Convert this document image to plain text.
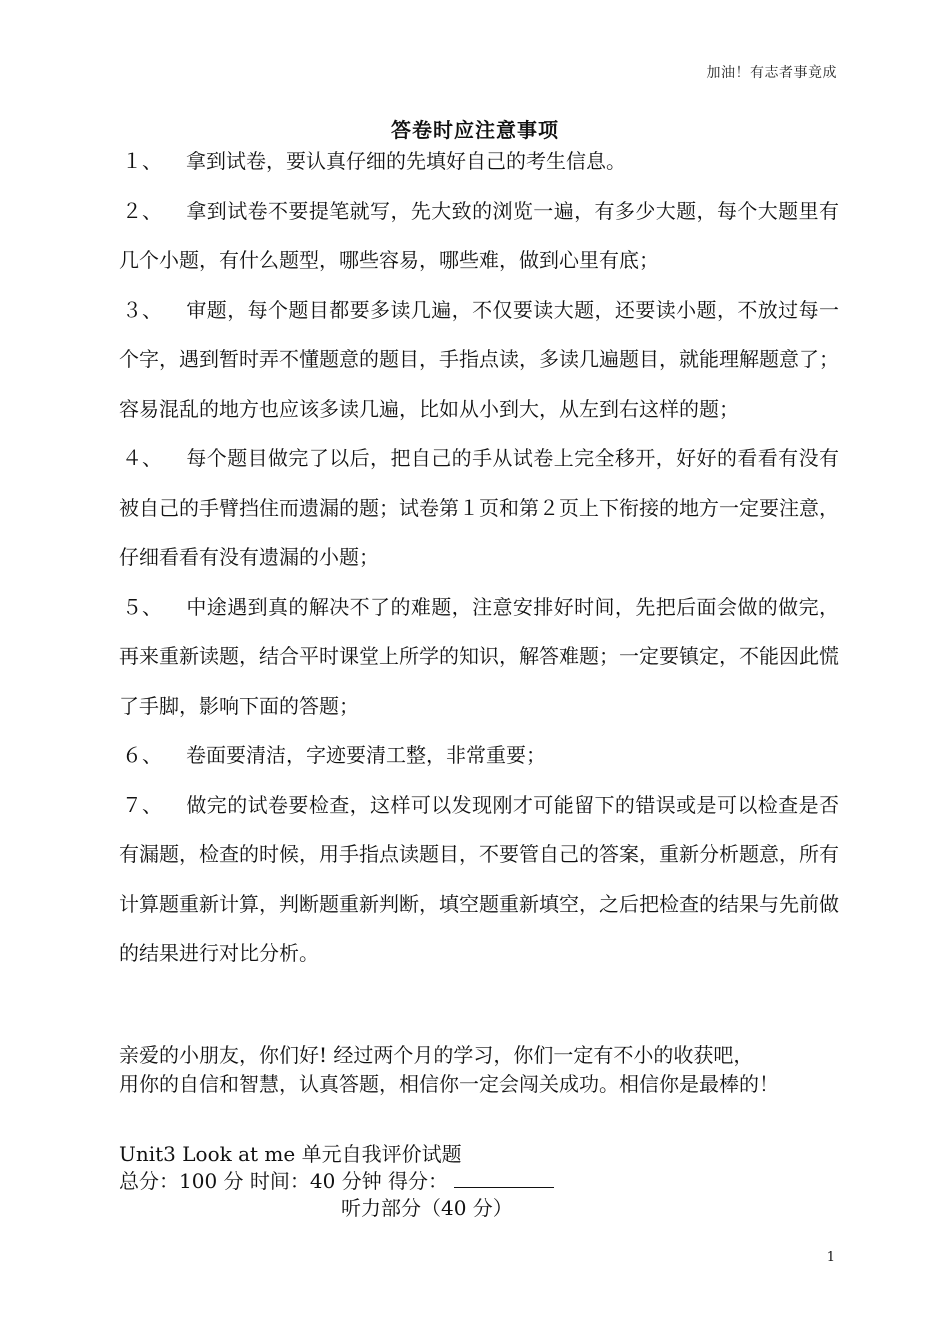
加油！有志者事竟成
答卷时应注意事项

１、 拿到试卷，要认真仔细的先填好自己的考生信息。

２、 拿到试卷不要提笔就写，先大致的浏览一遍，有多少大题，每个大题里有几个小题，有什么题型，哪些容易，哪些难，做到心里有底；

３、 审题，每个题目都要多读几遍，不仅要读大题，还要读小题，不放过每一个字，遇到暂时弄不懂题意的题目，手指点读，多读几遍题目，就能理解题意了；容易混乱的地方也应该多读几遍，比如从小到大，从左到右这样的题；

４、 每个题目做完了以后，把自己的手从试卷上完全移开，好好的看看有没有被自己的手臂挡住而遗漏的题；试卷第１页和第２页上下衔接的地方一定要注意，仔细看看有没有遗漏的小题；

５、 中途遇到真的解决不了的难题，注意安排好时间，先把后面会做的做完，再来重新读题，结合平时课堂上所学的知识，解答难题；一定要镇定，不能因此慌了手脚，影响下面的答题；

６、 卷面要清洁，字迹要清工整，非常重要；

７、 做完的试卷要检查，这样可以发现刚才可能留下的错误或是可以检查是否有漏题，检查的时候，用手指点读题目，不要管自己的答案，重新分析题意，所有计算题重新计算，判断题重新判断，填空题重新填空，之后把检查的结果与先前做的结果进行对比分析。

亲爱的小朋友，你们好! 经过两个月的学习，你们一定有不小的收获吧，

用你的自信和智慧，认真答题，相信你一定会闯关成功。相信你是最棒的！

Unit3 Look at me 单元自我评价试题

总分：100 分 时间：40 分钟 得分：

听力部分（40 分）

1
